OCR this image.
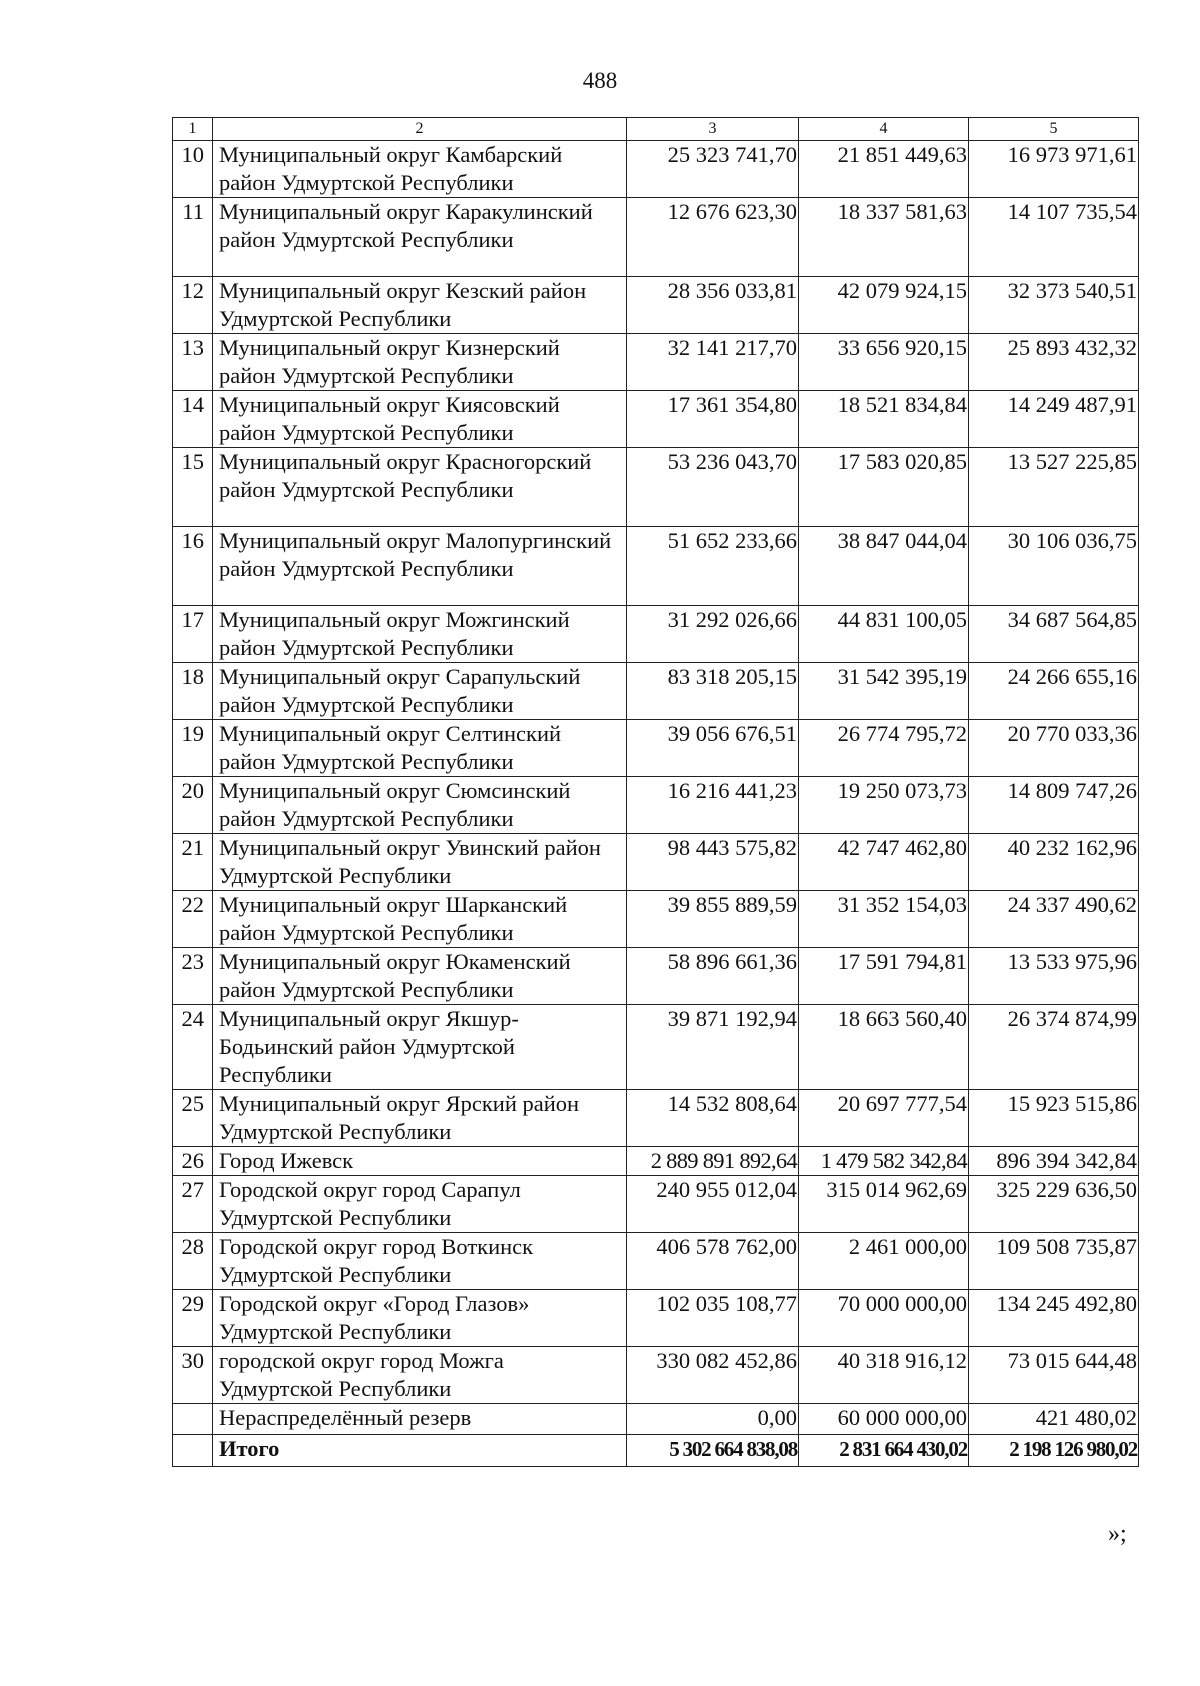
488
1	2	3	4	5
10	Муниципальный округ Камбарский район Удмуртской Республики	25 323 741,70	21 851 449,63	16 973 971,61
11	Муниципальный округ Каракулинский район Удмуртской Республики	12 676 623,30	18 337 581,63	14 107 735,54
12	Муниципальный округ Кезский район Удмуртской Республики	28 356 033,81	42 079 924,15	32 373 540,51
13	Муниципальный округ Кизнерский район Удмуртской Республики	32 141 217,70	33 656 920,15	25 893 432,32
14	Муниципальный округ Киясовский район Удмуртской Республики	17 361 354,80	18 521 834,84	14 249 487,91
15	Муниципальный округ Красногорский район Удмуртской Республики	53 236 043,70	17 583 020,85	13 527 225,85
16	Муниципальный округ Малопургинский район Удмуртской Республики	51 652 233,66	38 847 044,04	30 106 036,75
17	Муниципальный округ Можгинский район Удмуртской Республики	31 292 026,66	44 831 100,05	34 687 564,85
18	Муниципальный округ Сарапульский район Удмуртской Республики	83 318 205,15	31 542 395,19	24 266 655,16
19	Муниципальный округ Селтинский район Удмуртской Республики	39 056 676,51	26 774 795,72	20 770 033,36
20	Муниципальный округ Сюмсинский район Удмуртской Республики	16 216 441,23	19 250 073,73	14 809 747,26
21	Муниципальный округ Увинский район Удмуртской Республики	98 443 575,82	42 747 462,80	40 232 162,96
22	Муниципальный округ Шарканский район Удмуртской Республики	39 855 889,59	31 352 154,03	24 337 490,62
23	Муниципальный округ Юкаменский район Удмуртской Республики	58 896 661,36	17 591 794,81	13 533 975,96
24	Муниципальный округ Якшур-Бодьинский район Удмуртской Республики	39 871 192,94	18 663 560,40	26 374 874,99
25	Муниципальный округ Ярский район Удмуртской Республики	14 532 808,64	20 697 777,54	15 923 515,86
26	Город Ижевск	2 889 891 892,64	1 479 582 342,84	896 394 342,84
27	Городской округ город Сарапул Удмуртской Республики	240 955 012,04	315 014 962,69	325 229 636,50
28	Городской округ город Воткинск Удмуртской Республики	406 578 762,00	2 461 000,00	109 508 735,87
29	Городской округ «Город Глазов» Удмуртской Республики	102 035 108,77	70 000 000,00	134 245 492,80
30	городской округ город Можга Удмуртской Республики	330 082 452,86	40 318 916,12	73 015 644,48
	Нераспределённый резерв	0,00	60 000 000,00	421 480,02
	Итого	5 302 664 838,08	2 831 664 430,02	2 198 126 980,02
»;
